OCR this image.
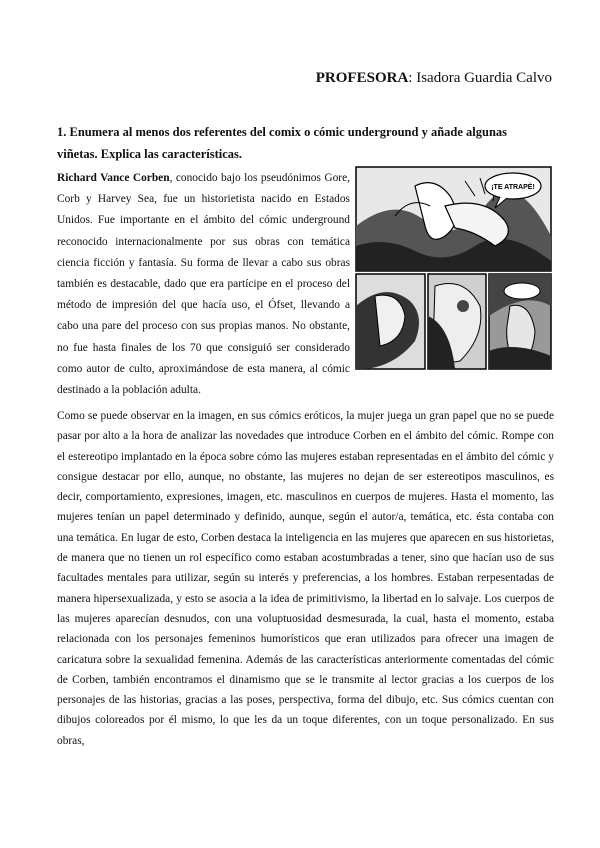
PROFESORA: Isadora Guardia Calvo
1. Enumera al menos dos referentes del comix o cómic underground y añade algunas viñetas. Explica las características.
Richard Vance Corben, conocido bajo los pseudónimos Gore, Corb y Harvey Sea, fue un historietista nacido en Estados Unidos. Fue importante en el ámbito del cómic underground reconocido internacionalmente por sus obras con temática ciencia ficción y fantasía. Su forma de llevar a cabo sus obras también es destacable, dado que era partícipe en el proceso del método de impresión del que hacía uso, el Ófset, llevando a cabo una pare del proceso con sus propias manos. No obstante, no fue hasta finales de los 70 que consiguió ser considerado como autor de culto, aproximándose de esta manera, al cómic destinado a la población adulta.
¡TE ATRAPÉ!
Como se puede observar en la imagen, en sus cómics eróticos, la mujer juega un gran papel que no se puede pasar por alto a la hora de analizar las novedades que introduce Corben en el ámbito del cómic. Rompe con el estereotipo implantado en la época sobre cómo las mujeres estaban representadas en el ámbito del cómic y consigue destacar por ello, aunque, no obstante, las mujeres no dejan de ser estereotipos masculinos, es decir, comportamiento, expresiones, imagen, etc. masculinos en cuerpos de mujeres. Hasta el momento, las mujeres tenían un papel determinado y definido, aunque, según el autor/a, temática, etc. ésta contaba con una temática. En lugar de esto, Corben destaca la inteligencia en las mujeres que aparecen en sus historietas, de manera que no tienen un rol específico como estaban acostumbradas a tener, sino que hacían uso de sus facultades mentales para utilizar, según su interés y preferencias, a los hombres. Estaban rerpesentadas de manera hipersexualizada, y esto se asocia a la idea de primitivismo, la libertad en lo salvaje. Los cuerpos de las mujeres aparecían desnudos, con una voluptuosidad desmesurada, la cual, hasta el momento, estaba relacionada con los personajes femeninos humorísticos que eran utilizados para ofrecer una imagen de caricatura sobre la sexualidad femenina. Además de las características anteriormente comentadas del cómic de Corben, también encontramos el dinamismo que se le transmite al lector gracias a los cuerpos de los personajes de las historias, gracias a las poses, perspectiva, forma del dibujo, etc. Sus cómics cuentan con dibujos coloreados por él mismo, lo que les da un toque diferentes, con un toque personalizado. En sus obras,
